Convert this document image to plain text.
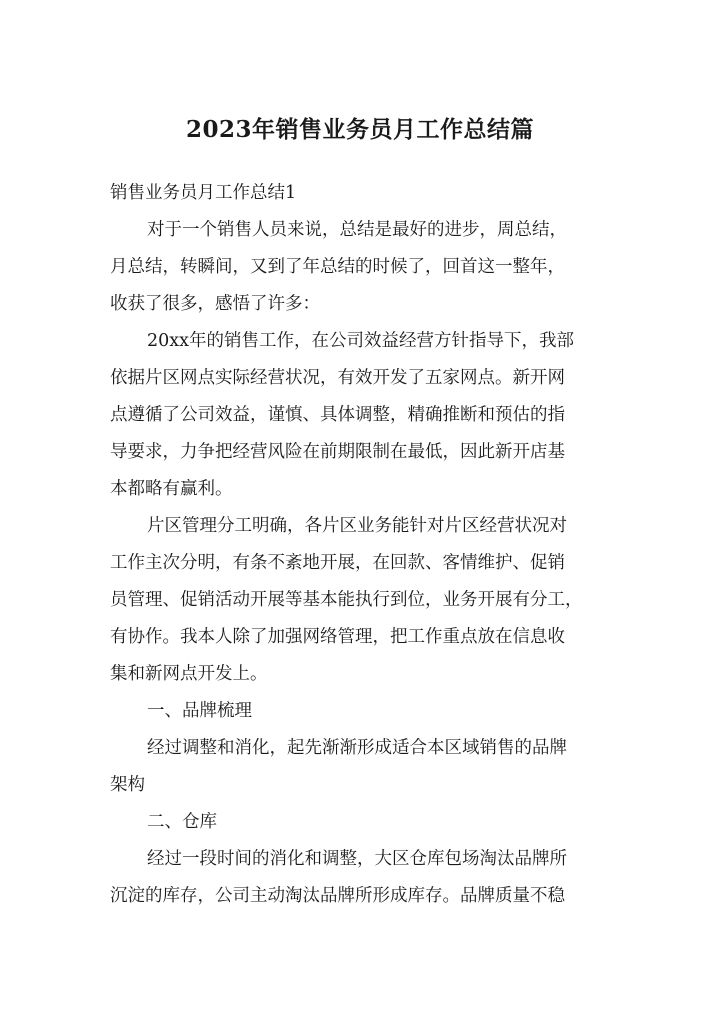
2023年销售业务员月工作总结篇
销售业务员月工作总结1
对于一个销售人员来说，总结是最好的进步，周总结，
月总结，转瞬间，又到了年总结的时候了，回首这一整年，
收获了很多，感悟了许多：
20xx年的销售工作，在公司效益经营方针指导下，我部
依据片区网点实际经营状况，有效开发了五家网点。新开网
点遵循了公司效益，谨慎、具体调整，精确推断和预估的指
导要求，力争把经营风险在前期限制在最低，因此新开店基
本都略有赢利。
片区管理分工明确，各片区业务能针对片区经营状况对
工作主次分明，有条不紊地开展，在回款、客情维护、促销
员管理、促销活动开展等基本能执行到位，业务开展有分工，
有协作。我本人除了加强网络管理，把工作重点放在信息收
集和新网点开发上。
一、品牌梳理
经过调整和消化，起先渐渐形成适合本区域销售的品牌
架构
二、仓库
经过一段时间的消化和调整，大区仓库包场淘汰品牌所
沉淀的库存，公司主动淘汰品牌所形成库存。品牌质量不稳
